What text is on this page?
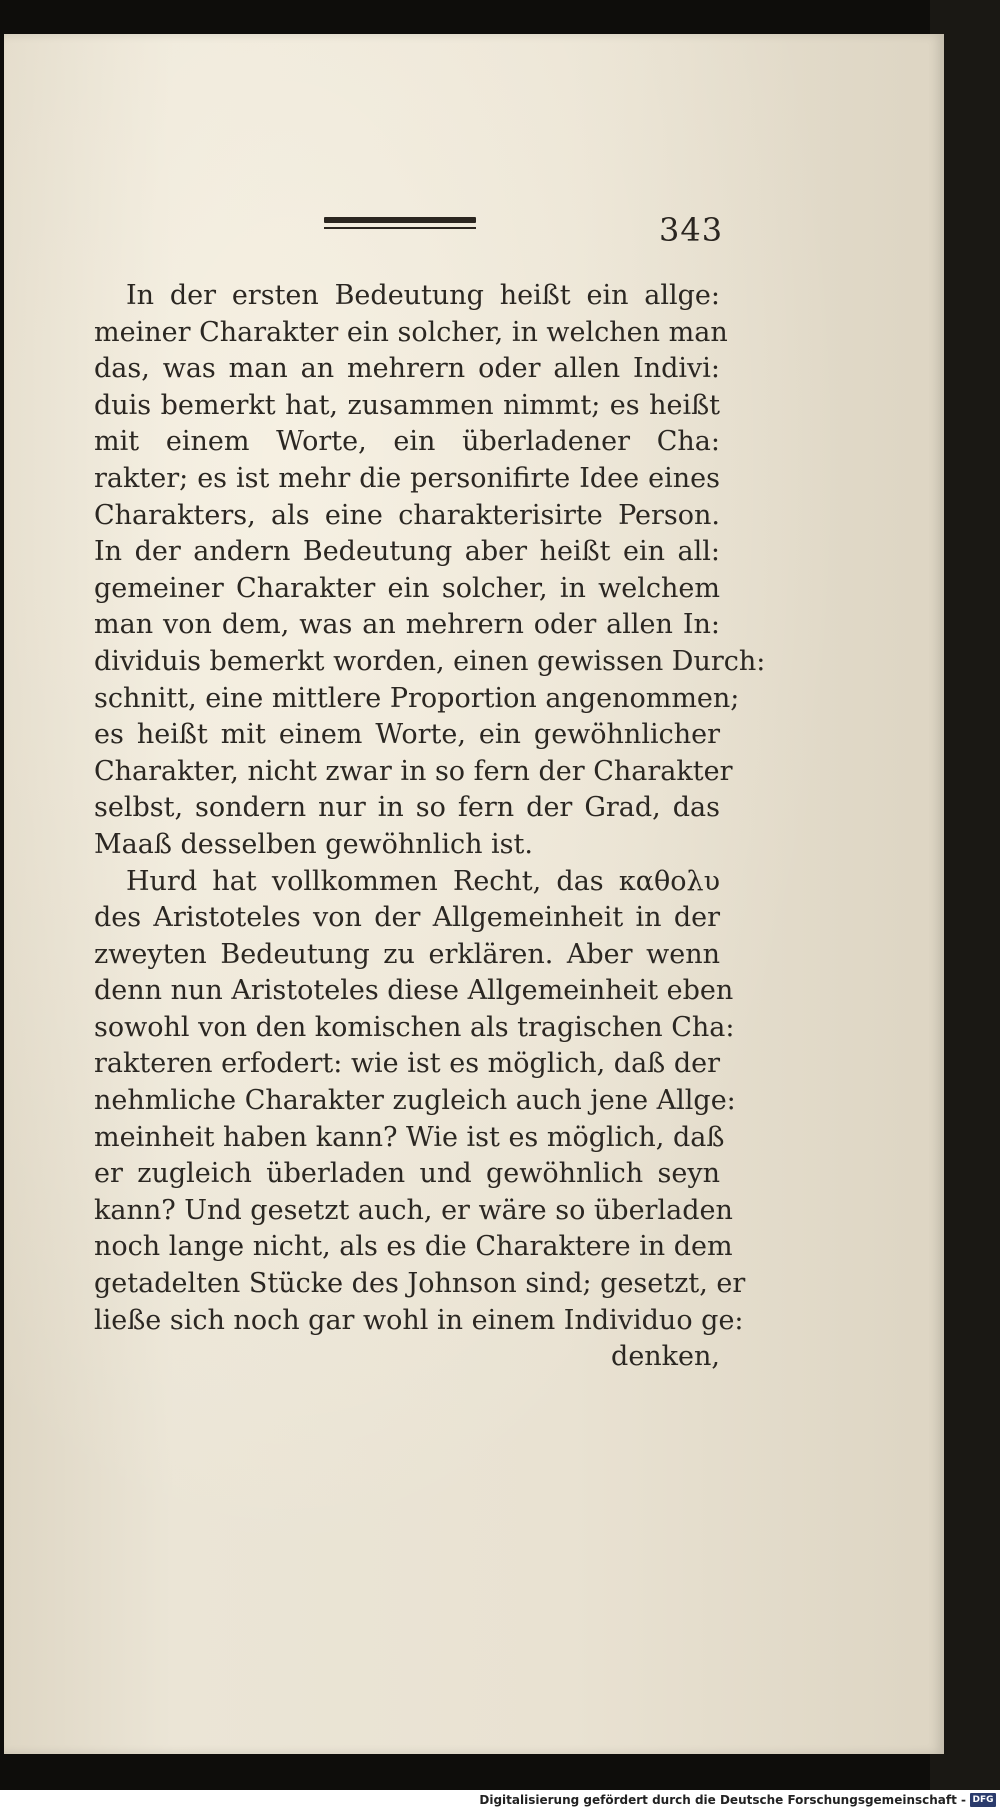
343
In der ersten Bedeutung heißt ein allge:
meiner Charakter ein solcher, in welchen man
das, was man an mehrern oder allen Indivi:
duis bemerkt hat, zusammen nimmt; es heißt
mit einem Worte, ein überladener Cha:
rakter; es ist mehr die personifirte Idee eines
Charakters, als eine charakterisirte Person.
In der andern Bedeutung aber heißt ein all:
gemeiner Charakter ein solcher, in welchem
man von dem, was an mehrern oder allen In:
dividuis bemerkt worden, einen gewissen Durch:
schnitt, eine mittlere Proportion angenommen;
es heißt mit einem Worte, ein gewöhnlicher
Charakter, nicht zwar in so fern der Charakter
selbst, sondern nur in so fern der Grad, das
Maaß desselben gewöhnlich ist.
Hurd hat vollkommen Recht, das καθολυ
des Aristoteles von der Allgemeinheit in der
zweyten Bedeutung zu erklären. Aber wenn
denn nun Aristoteles diese Allgemeinheit eben
sowohl von den komischen als tragischen Cha:
rakteren erfodert: wie ist es möglich, daß der
nehmliche Charakter zugleich auch jene Allge:
meinheit haben kann? Wie ist es möglich, daß
er zugleich überladen und gewöhnlich seyn
kann? Und gesetzt auch, er wäre so überladen
noch lange nicht, als es die Charaktere in dem
getadelten Stücke des Johnson sind; gesetzt, er
ließe sich noch gar wohl in einem Individuo ge:
denken,
Digitalisierung gefördert durch die Deutsche Forschungsgemeinschaft - DFG
